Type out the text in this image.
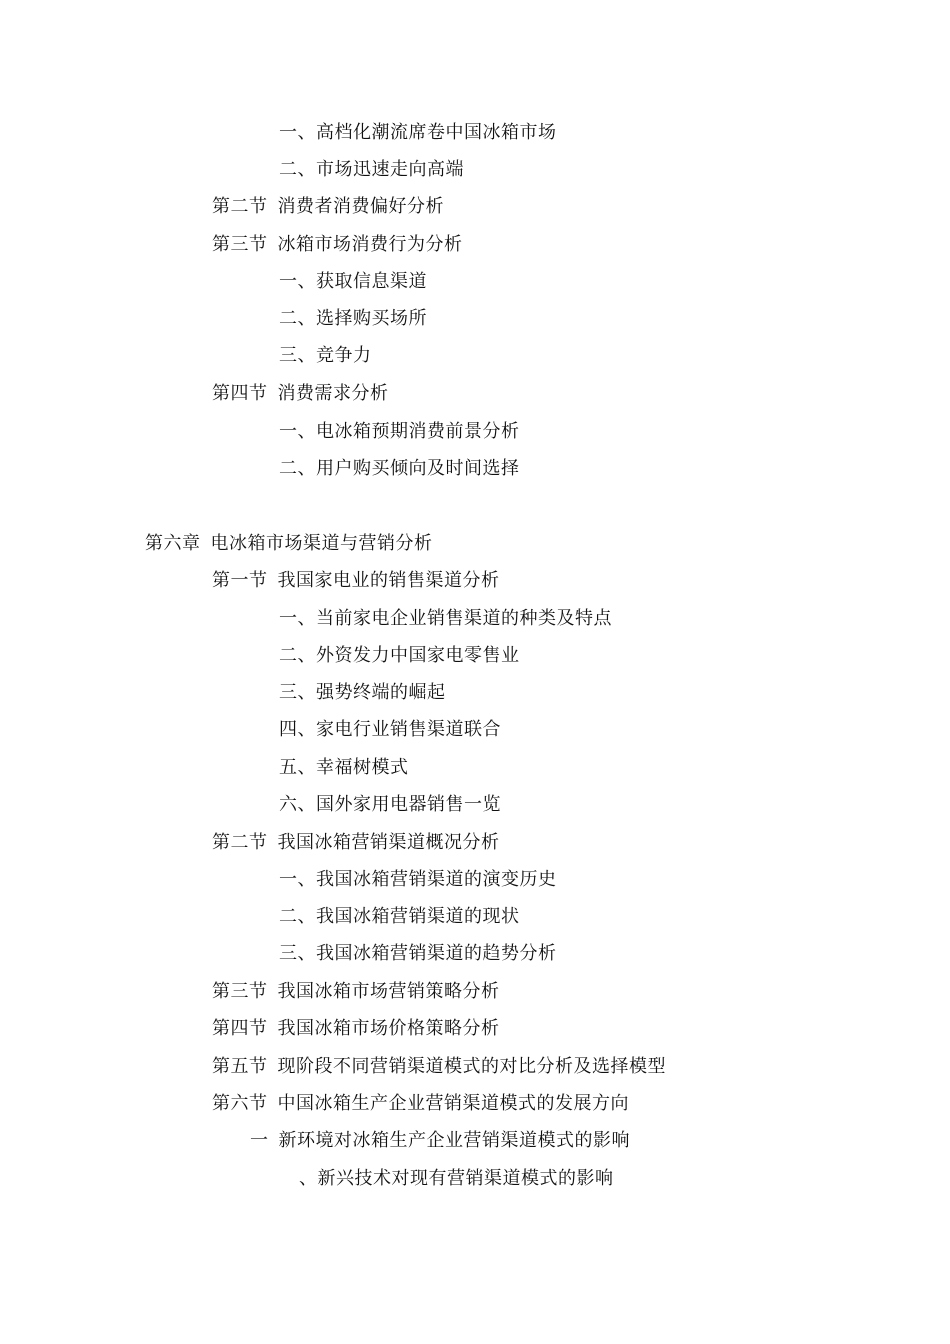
一、高档化潮流席卷中国冰箱市场
二、市场迅速走向高端
第二节 消费者消费偏好分析
第三节 冰箱市场消费行为分析
一、获取信息渠道
二、选择购买场所
三、竞争力
第四节 消费需求分析
一、电冰箱预期消费前景分析
二、用户购买倾向及时间选择
第六章 电冰箱市场渠道与营销分析
第一节 我国家电业的销售渠道分析
一、当前家电企业销售渠道的种类及特点
二、外资发力中国家电零售业
三、强势终端的崛起
四、家电行业销售渠道联合
五、幸福树模式
六、国外家用电器销售一览
第二节 我国冰箱营销渠道概况分析
一、我国冰箱营销渠道的演变历史
二、我国冰箱营销渠道的现状
三、我国冰箱营销渠道的趋势分析
第三节 我国冰箱市场营销策略分析
第四节 我国冰箱市场价格策略分析
第五节 现阶段不同营销渠道模式的对比分析及选择模型
第六节 中国冰箱生产企业营销渠道模式的发展方向
一 新环境对冰箱生产企业营销渠道模式的影响
、新兴技术对现有营销渠道模式的影响
